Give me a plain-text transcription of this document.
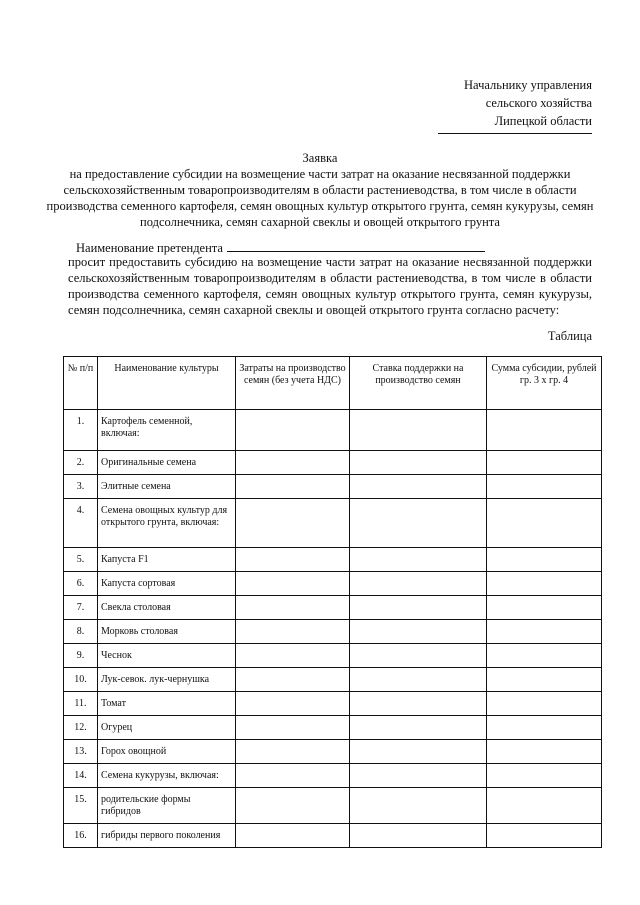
Начальнику управления
сельского хозяйства
Липецкой области
Заявка
на предоставление субсидии на возмещение части затрат на оказание несвязанной поддержки сельскохозяйственным товаропроизводителям в области растениеводства, в том числе в области производства семенного картофеля, семян овощных культур открытого грунта, семян кукурузы, семян подсолнечника, семян сахарной свеклы и овощей открытого грунта
Наименование претендента
просит предоставить субсидию на возмещение части затрат на оказание несвязанной поддержки сельскохозяйственным товаропроизводителям в области растениеводства, в том числе в области производства семенного картофеля, семян овощных культур открытого грунта, семян кукурузы, семян подсолнечника, семян сахарной свеклы и овощей открытого грунта согласно расчету:
Таблица
№ п/п	Наименование культуры	Затраты на производство семян (без учета НДС)	Ставка поддержки на производство семян	Сумма субсидии, рублей гр. 3 х гр. 4
1.	Картофель семенной, включая:			
2.	Оригинальные семена			
3.	Элитные семена			
4.	Семена овощных культур для открытого грунта, включая:			
5.	Капуста F1			
6.	Капуста сортовая			
7.	Свекла столовая			
8.	Морковь столовая			
9.	Чеснок			
10.	Лук-севок. лук-чернушка			
11.	Томат			
12.	Огурец			
13.	Горох овощной			
14.	Семена кукурузы, включая:			
15.	родительские формы гибридов			
16.	гибриды первого поколения			
